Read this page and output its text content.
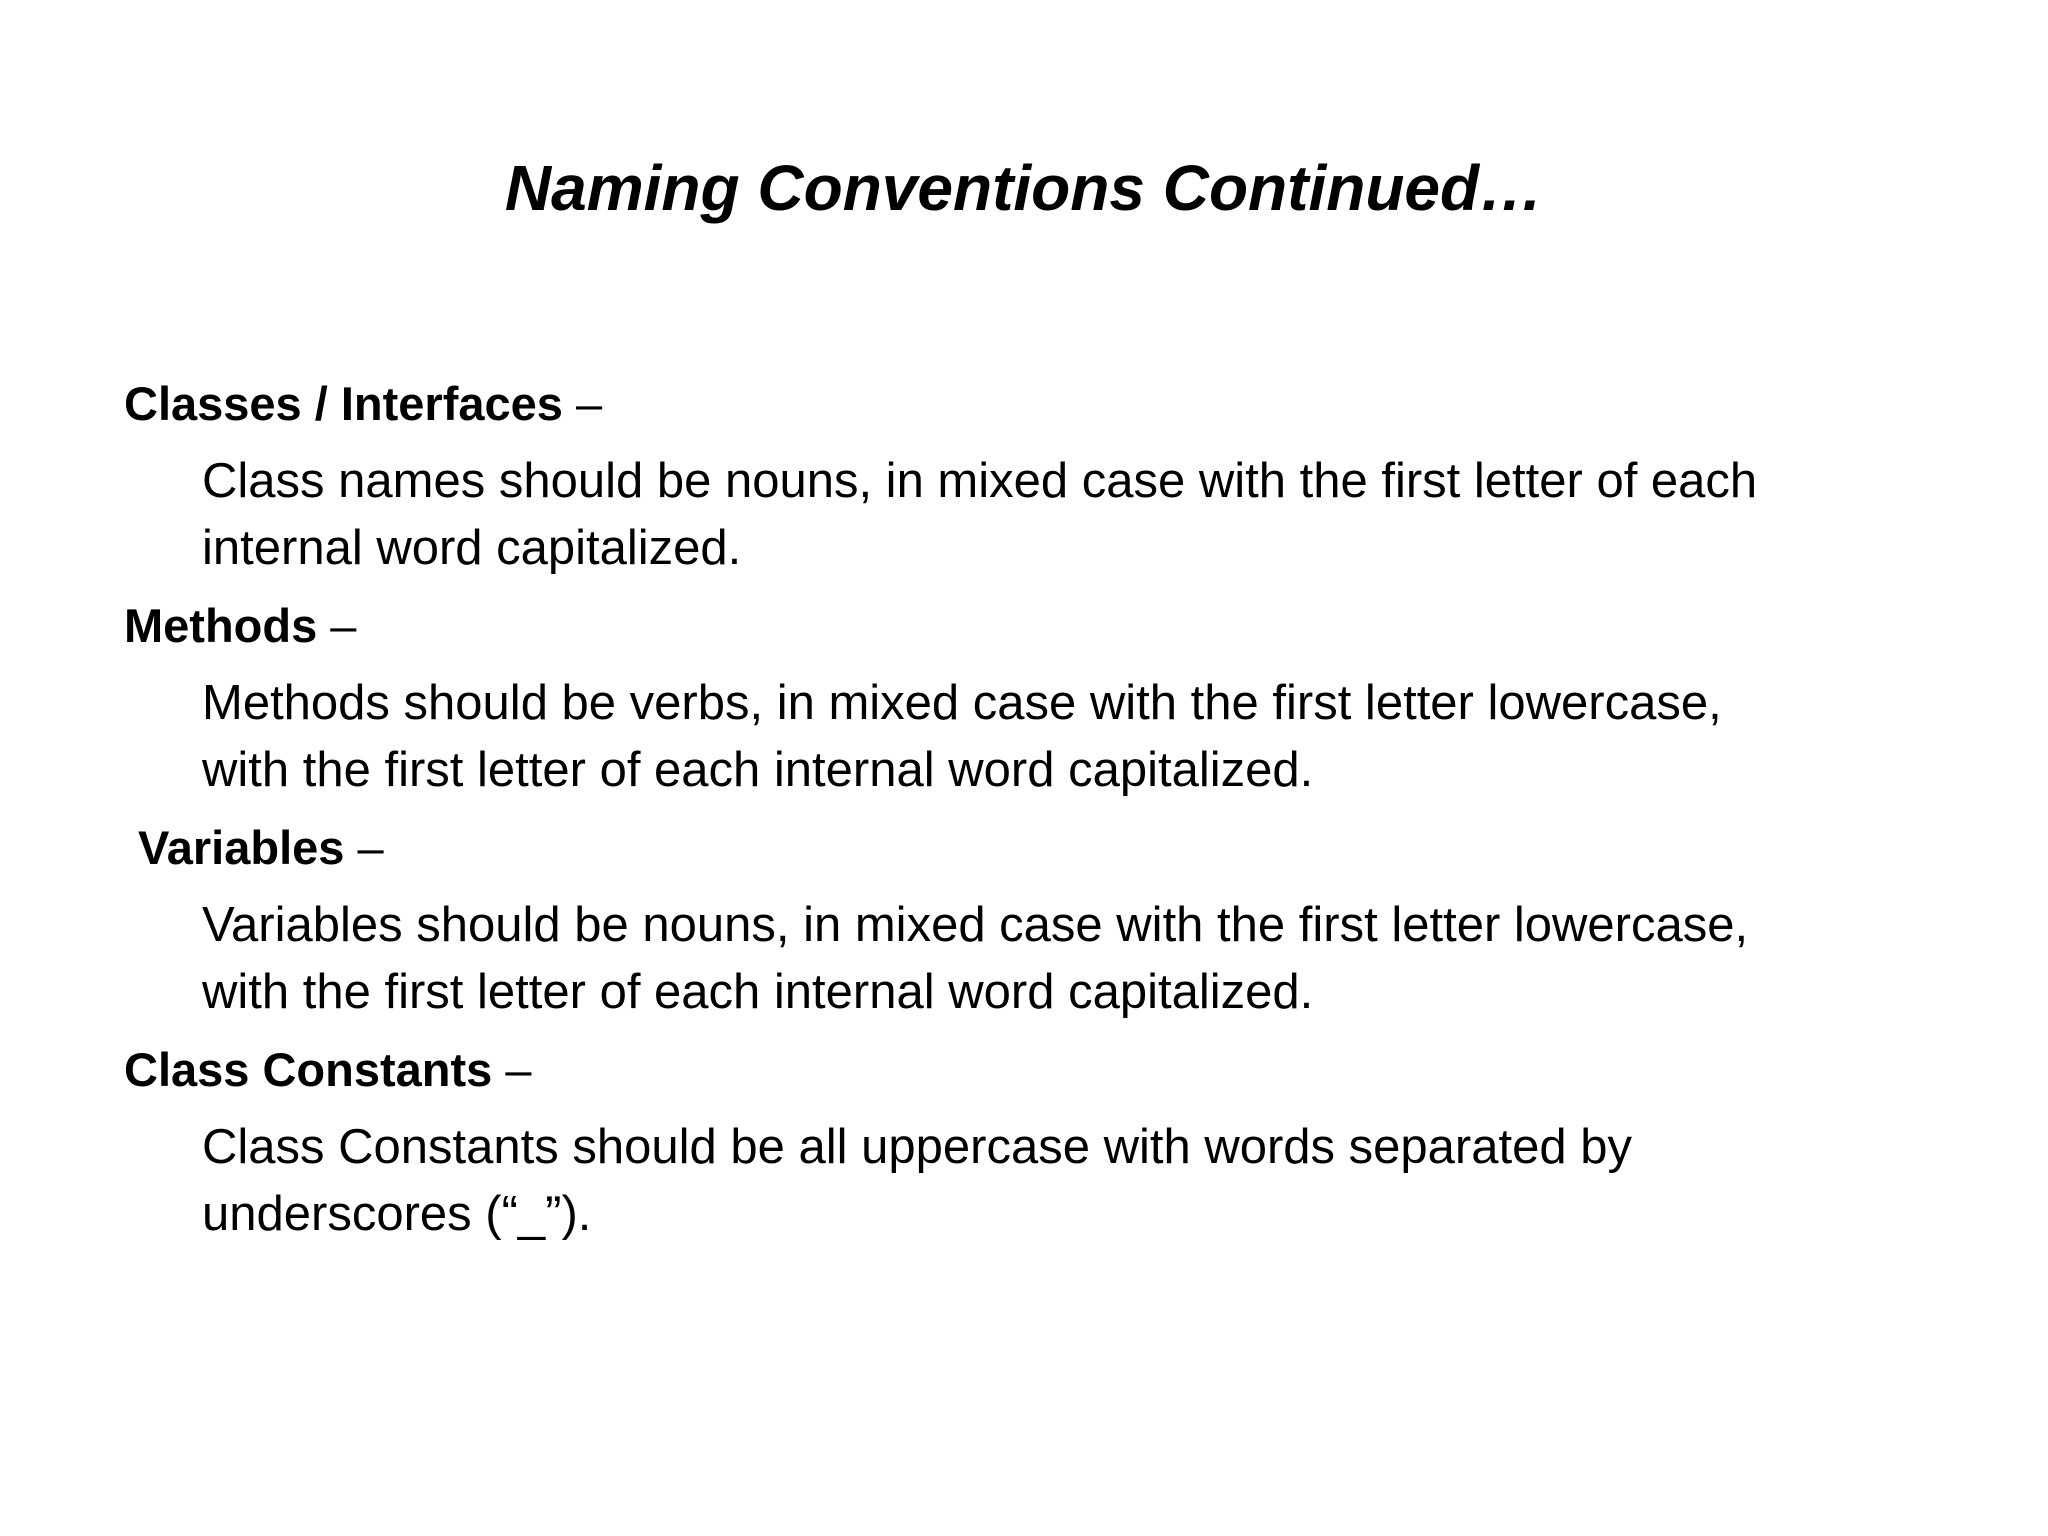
Naming Conventions Continued…

Classes / Interfaces –

Class names should be nouns, in mixed case with the first letter of each
internal word capitalized.

Methods –

Methods should be verbs, in mixed case with the first letter lowercase,
with the first letter of each internal word capitalized.

Variables –

Variables should be nouns, in mixed case with the first letter lowercase,
with the first letter of each internal word capitalized.

Class Constants –

Class Constants should be all uppercase with words separated by
underscores (“_”).
